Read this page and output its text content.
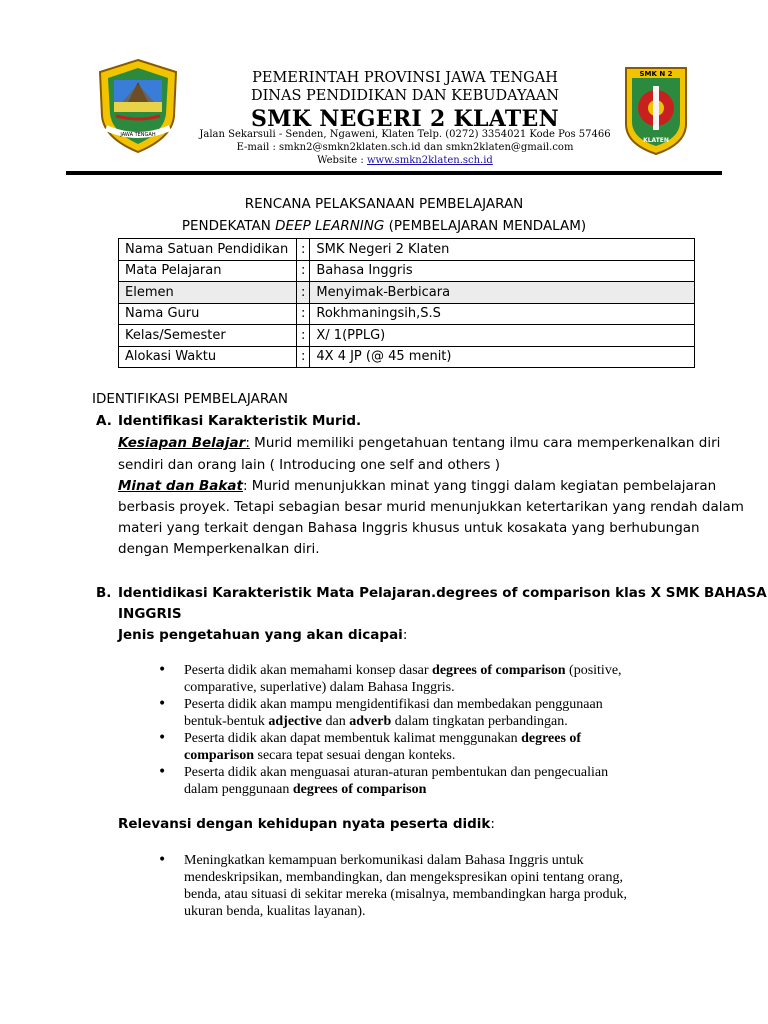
JAWA TENGAH
PEMERINTAH PROVINSI JAWA TENGAH
DINAS PENDIDIKAN DAN KEBUDAYAAN
SMK NEGERI 2 KLATEN
Jalan Sekarsuli - Senden, Ngaweni, Klaten Telp. (0272) 3354021 Kode Pos 57466
E-mail : smkn2@smkn2klaten.sch.id dan smkn2klaten@gmail.com
Website : www.smkn2klaten.sch.id
SMK N 2
KLATEN
RENCANA PELAKSANAAN PEMBELAJARAN
PENDEKATAN DEEP LEARNING (PEMBELAJARAN MENDALAM)
Nama Satuan Pendidikan	:	SMK Negeri 2 Klaten
Mata Pelajaran	:	Bahasa Inggris
Elemen	:	Menyimak-Berbicara
Nama Guru	:	Rokhmaningsih,S.S
Kelas/Semester	:	X/ 1(PPLG)
Alokasi Waktu	:	4X 4 JP (@ 45 menit)
IDENTIFIKASI PEMBELAJARAN
A. Identifikasi Karakteristik Murid.
Kesiapan Belajar: Murid memiliki pengetahuan tentang ilmu cara memperkenalkan diri
sendiri dan orang lain ( Introducing one self and others )
Minat dan Bakat: Murid menunjukkan minat yang tinggi dalam kegiatan pembelajaran
berbasis proyek. Tetapi sebagian besar murid menunjukkan ketertarikan yang rendah dalam
materi yang terkait dengan Bahasa Inggris khusus untuk kosakata yang berhubungan
dengan Memperkenalkan diri.
B. Identidikasi Karakteristik Mata Pelajaran.degrees of comparison klas X SMK BAHASA
INGGRIS
Jenis pengetahuan yang akan dicapai:
• Peserta didik akan memahami konsep dasar degrees of comparison (positive,
comparative, superlative) dalam Bahasa Inggris.
• Peserta didik akan mampu mengidentifikasi dan membedakan penggunaan
bentuk-bentuk adjective dan adverb dalam tingkatan perbandingan.
• Peserta didik akan dapat membentuk kalimat menggunakan degrees of
comparison secara tepat sesuai dengan konteks.
• Peserta didik akan menguasai aturan-aturan pembentukan dan pengecualian
dalam penggunaan degrees of comparison
Relevansi dengan kehidupan nyata peserta didik:
• Meningkatkan kemampuan berkomunikasi dalam Bahasa Inggris untuk
mendeskripsikan, membandingkan, dan mengekspresikan opini tentang orang,
benda, atau situasi di sekitar mereka (misalnya, membandingkan harga produk,
ukuran benda, kualitas layanan).
